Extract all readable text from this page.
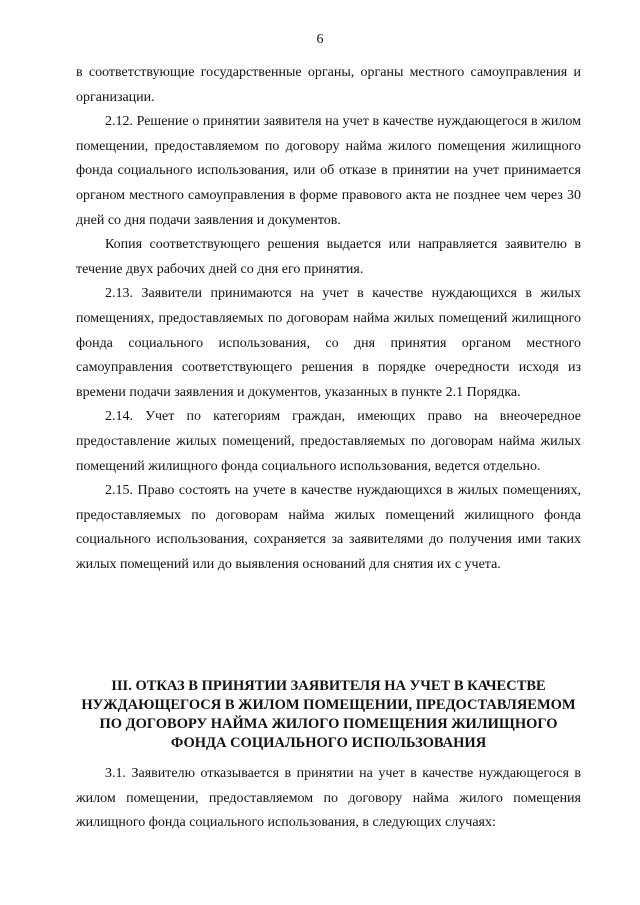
6

в соответствующие государственные органы, органы местного самоуправления и организации.

2.12. Решение о принятии заявителя на учет в качестве нуждающегося в жилом помещении, предоставляемом по договору найма жилого помещения жилищного фонда социального использования, или об отказе в принятии на учет принимается органом местного самоуправления в форме правового акта не позднее чем через 30 дней со дня подачи заявления и документов.

Копия соответствующего решения выдается или направляется заявителю в течение двух рабочих дней со дня его принятия.

2.13. Заявители принимаются на учет в качестве нуждающихся в жилых помещениях, предоставляемых по договорам найма жилых помещений жилищного фонда социального использования, со дня принятия органом местного самоуправления соответствующего решения в порядке очередности исходя из времени подачи заявления и документов, указанных в пункте 2.1 Порядка.

2.14. Учет по категориям граждан, имеющих право на внеочередное предоставление жилых помещений, предоставляемых по договорам найма жилых помещений жилищного фонда социального использования, ведется отдельно.

2.15. Право состоять на учете в качестве нуждающихся в жилых помещениях, предоставляемых по договорам найма жилых помещений жилищного фонда социального использования, сохраняется за заявителями до получения ими таких жилых помещений или до выявления оснований для снятия их с учета.

III. ОТКАЗ В ПРИНЯТИИ ЗАЯВИТЕЛЯ НА УЧЕТ В КАЧЕСТВЕ НУЖДАЮЩЕГОСЯ В ЖИЛОМ ПОМЕЩЕНИИ, ПРЕДОСТАВЛЯЕМОМ ПО ДОГОВОРУ НАЙМА ЖИЛОГО ПОМЕЩЕНИЯ ЖИЛИЩНОГО ФОНДА СОЦИАЛЬНОГО ИСПОЛЬЗОВАНИЯ

3.1. Заявителю отказывается в принятии на учет в качестве нуждающегося в жилом помещении, предоставляемом по договору найма жилого помещения жилищного фонда социального использования, в следующих случаях:
